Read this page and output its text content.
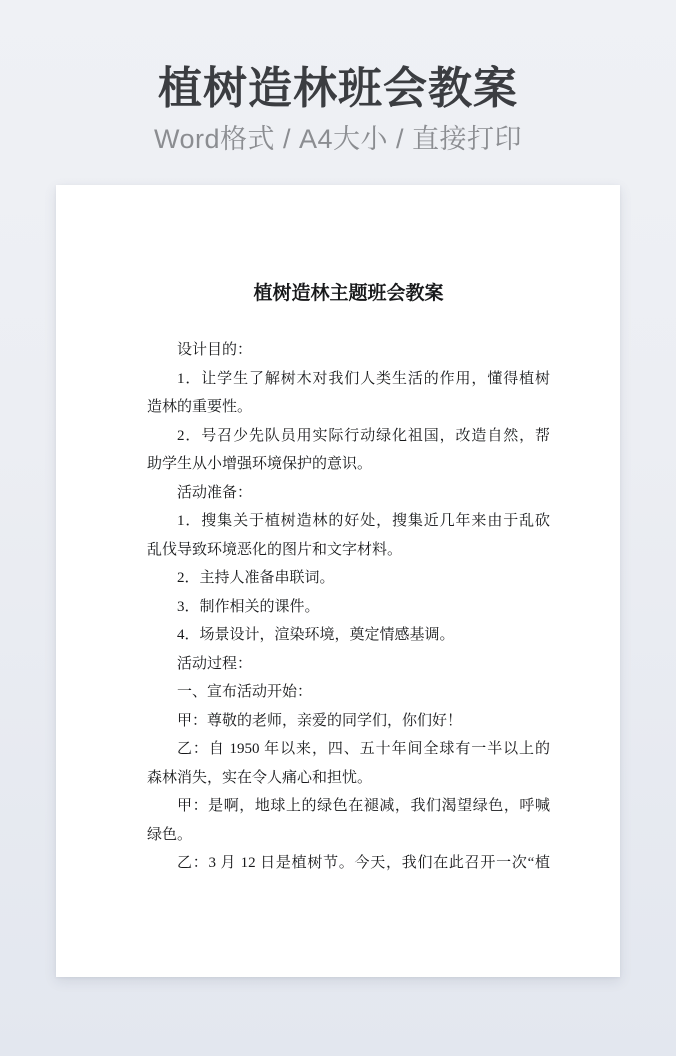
植树造林班会教案
Word格式 / A4大小 / 直接打印
植树造林主题班会教案
设计目的：
1．让学生了解树木对我们人类生活的作用，懂得植树
造林的重要性。
2．号召少先队员用实际行动绿化祖国，改造自然，帮
助学生从小增强环境保护的意识。
活动准备：
1．搜集关于植树造林的好处，搜集近几年来由于乱砍
乱伐导致环境恶化的图片和文字材料。
2．主持人准备串联词。
3．制作相关的课件。
4．场景设计，渲染环境，奠定情感基调。
活动过程：
一、宣布活动开始：
甲：尊敬的老师，亲爱的同学们，你们好！
乙：自 1950 年以来，四、五十年间全球有一半以上的
森林消失，实在令人痛心和担忧。
甲：是啊，地球上的绿色在褪减，我们渴望绿色，呼喊
绿色。
乙：3 月 12 日是植树节。今天，我们在此召开一次“植
